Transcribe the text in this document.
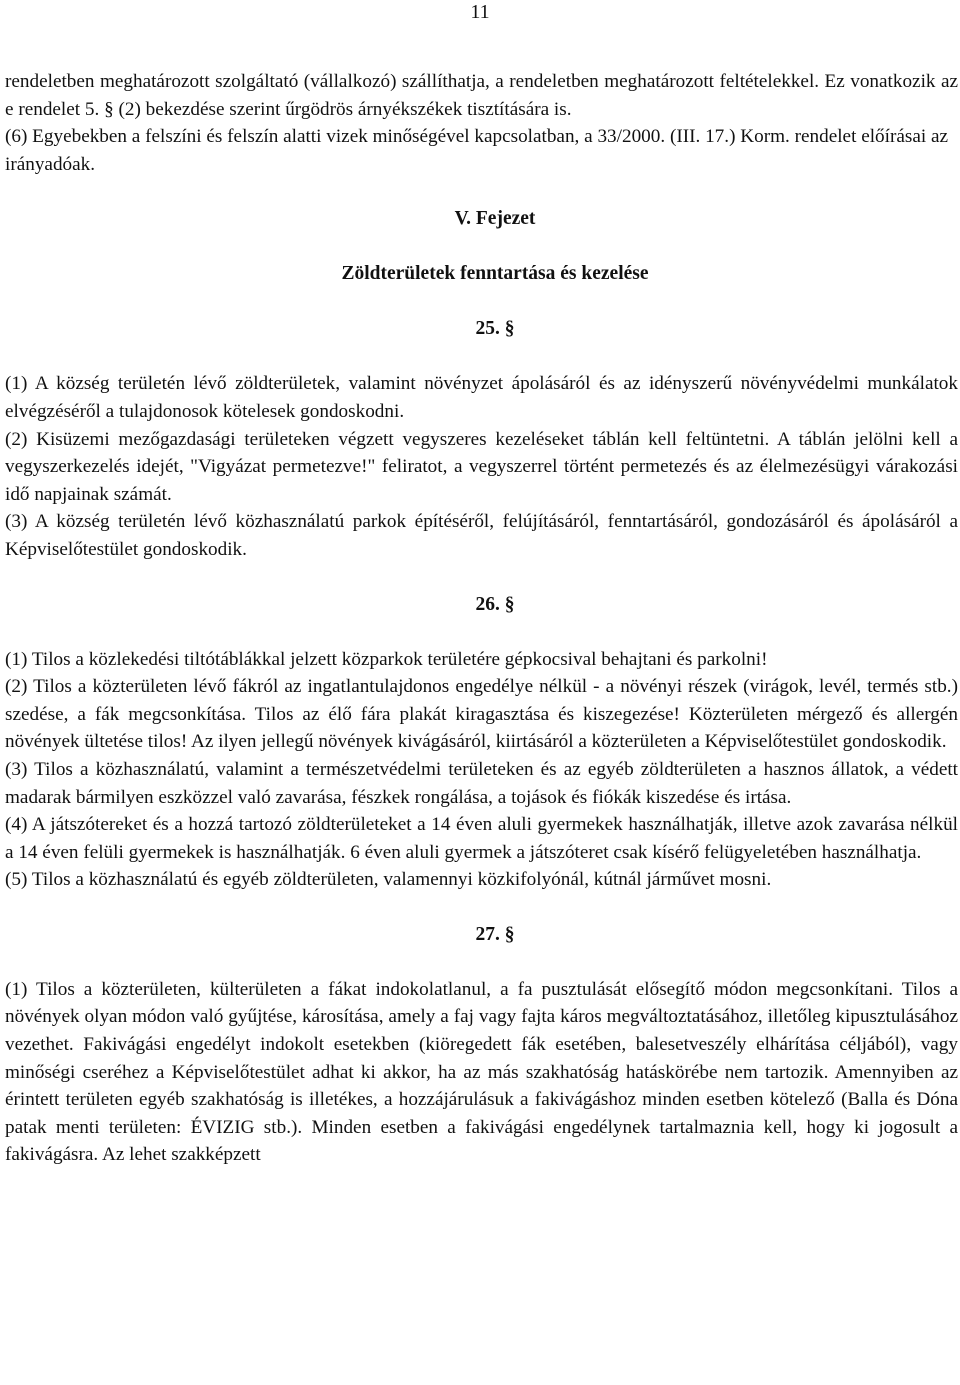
11

rendeletben meghatározott szolgáltató (vállalkozó) szállíthatja, a rendeletben meghatározott feltételekkel. Ez vonatkozik az e rendelet 5. § (2) bekezdése szerint űrgödrös árnyékszékek tisztítására is.

(6) Egyebekben a felszíni és felszín alatti vizek minőségével kapcsolatban, a 33/2000. (III. 17.) Korm. rendelet előírásai az irányadóak.

V. Fejezet

Zöldterületek fenntartása és kezelése

25. §

(1) A község területén lévő zöldterületek, valamint növényzet ápolásáról és az idényszerű növényvédelmi munkálatok elvégzéséről a tulajdonosok kötelesek gondoskodni.

(2) Kisüzemi mezőgazdasági területeken végzett vegyszeres kezeléseket táblán kell feltüntetni. A táblán jelölni kell a vegyszerkezelés idejét, "Vigyázat permetezve!" feliratot, a vegyszerrel történt permetezés és az élelmezésügyi várakozási idő napjainak számát.

(3) A község területén lévő közhasználatú parkok építéséről, felújításáról, fenntartásáról, gondozásáról és ápolásáról a Képviselőtestület gondoskodik.

26. §

(1) Tilos a közlekedési tiltótáblákkal jelzett közparkok területére gépkocsival behajtani és parkolni!

(2) Tilos a közterületen lévő fákról az ingatlantulajdonos engedélye nélkül - a növényi részek (virágok, levél, termés stb.) szedése, a fák megcsonkítása. Tilos az élő fára plakát kiragasztása és kiszegezése! Közterületen mérgező és allergén növények ültetése tilos! Az ilyen jellegű növények kivágásáról, kiirtásáról a közterületen a Képviselőtestület gondoskodik.

(3) Tilos a közhasználatú, valamint a természetvédelmi területeken és az egyéb zöldterületen a hasznos állatok, a védett madarak bármilyen eszközzel való zavarása, fészkek rongálása, a tojások és fiókák kiszedése és irtása.

(4) A játszótereket és a hozzá tartozó zöldterületeket a 14 éven aluli gyermekek használhatják, illetve azok zavarása nélkül a 14 éven felüli gyermekek is használhatják. 6 éven aluli gyermek a játszóteret csak kísérő felügyeletében használhatja.

(5) Tilos a közhasználatú és egyéb zöldterületen, valamennyi közkifolyónál, kútnál járművet mosni.

27. §

(1) Tilos a közterületen, külterületen a fákat indokolatlanul, a fa pusztulását elősegítő módon megcsonkítani. Tilos a növények olyan módon való gyűjtése, károsítása, amely a faj vagy fajta káros megváltoztatásához, illetőleg kipusztulásához vezethet. Fakivágási engedélyt indokolt esetekben (kiöregedett fák esetében, balesetveszély elhárítása céljából), vagy minőségi cseréhez a Képviselőtestület adhat ki akkor, ha az más szakhatóság hatáskörébe nem tartozik. Amennyiben az érintett területen egyéb szakhatóság is illetékes, a hozzájárulásuk a fakivágáshoz minden esetben kötelező (Balla és Dóna patak menti területen: ÉVIZIG stb.). Minden esetben a fakivágási engedélynek tartalmaznia kell, hogy ki jogosult a fakivágásra. Az lehet szakképzett
